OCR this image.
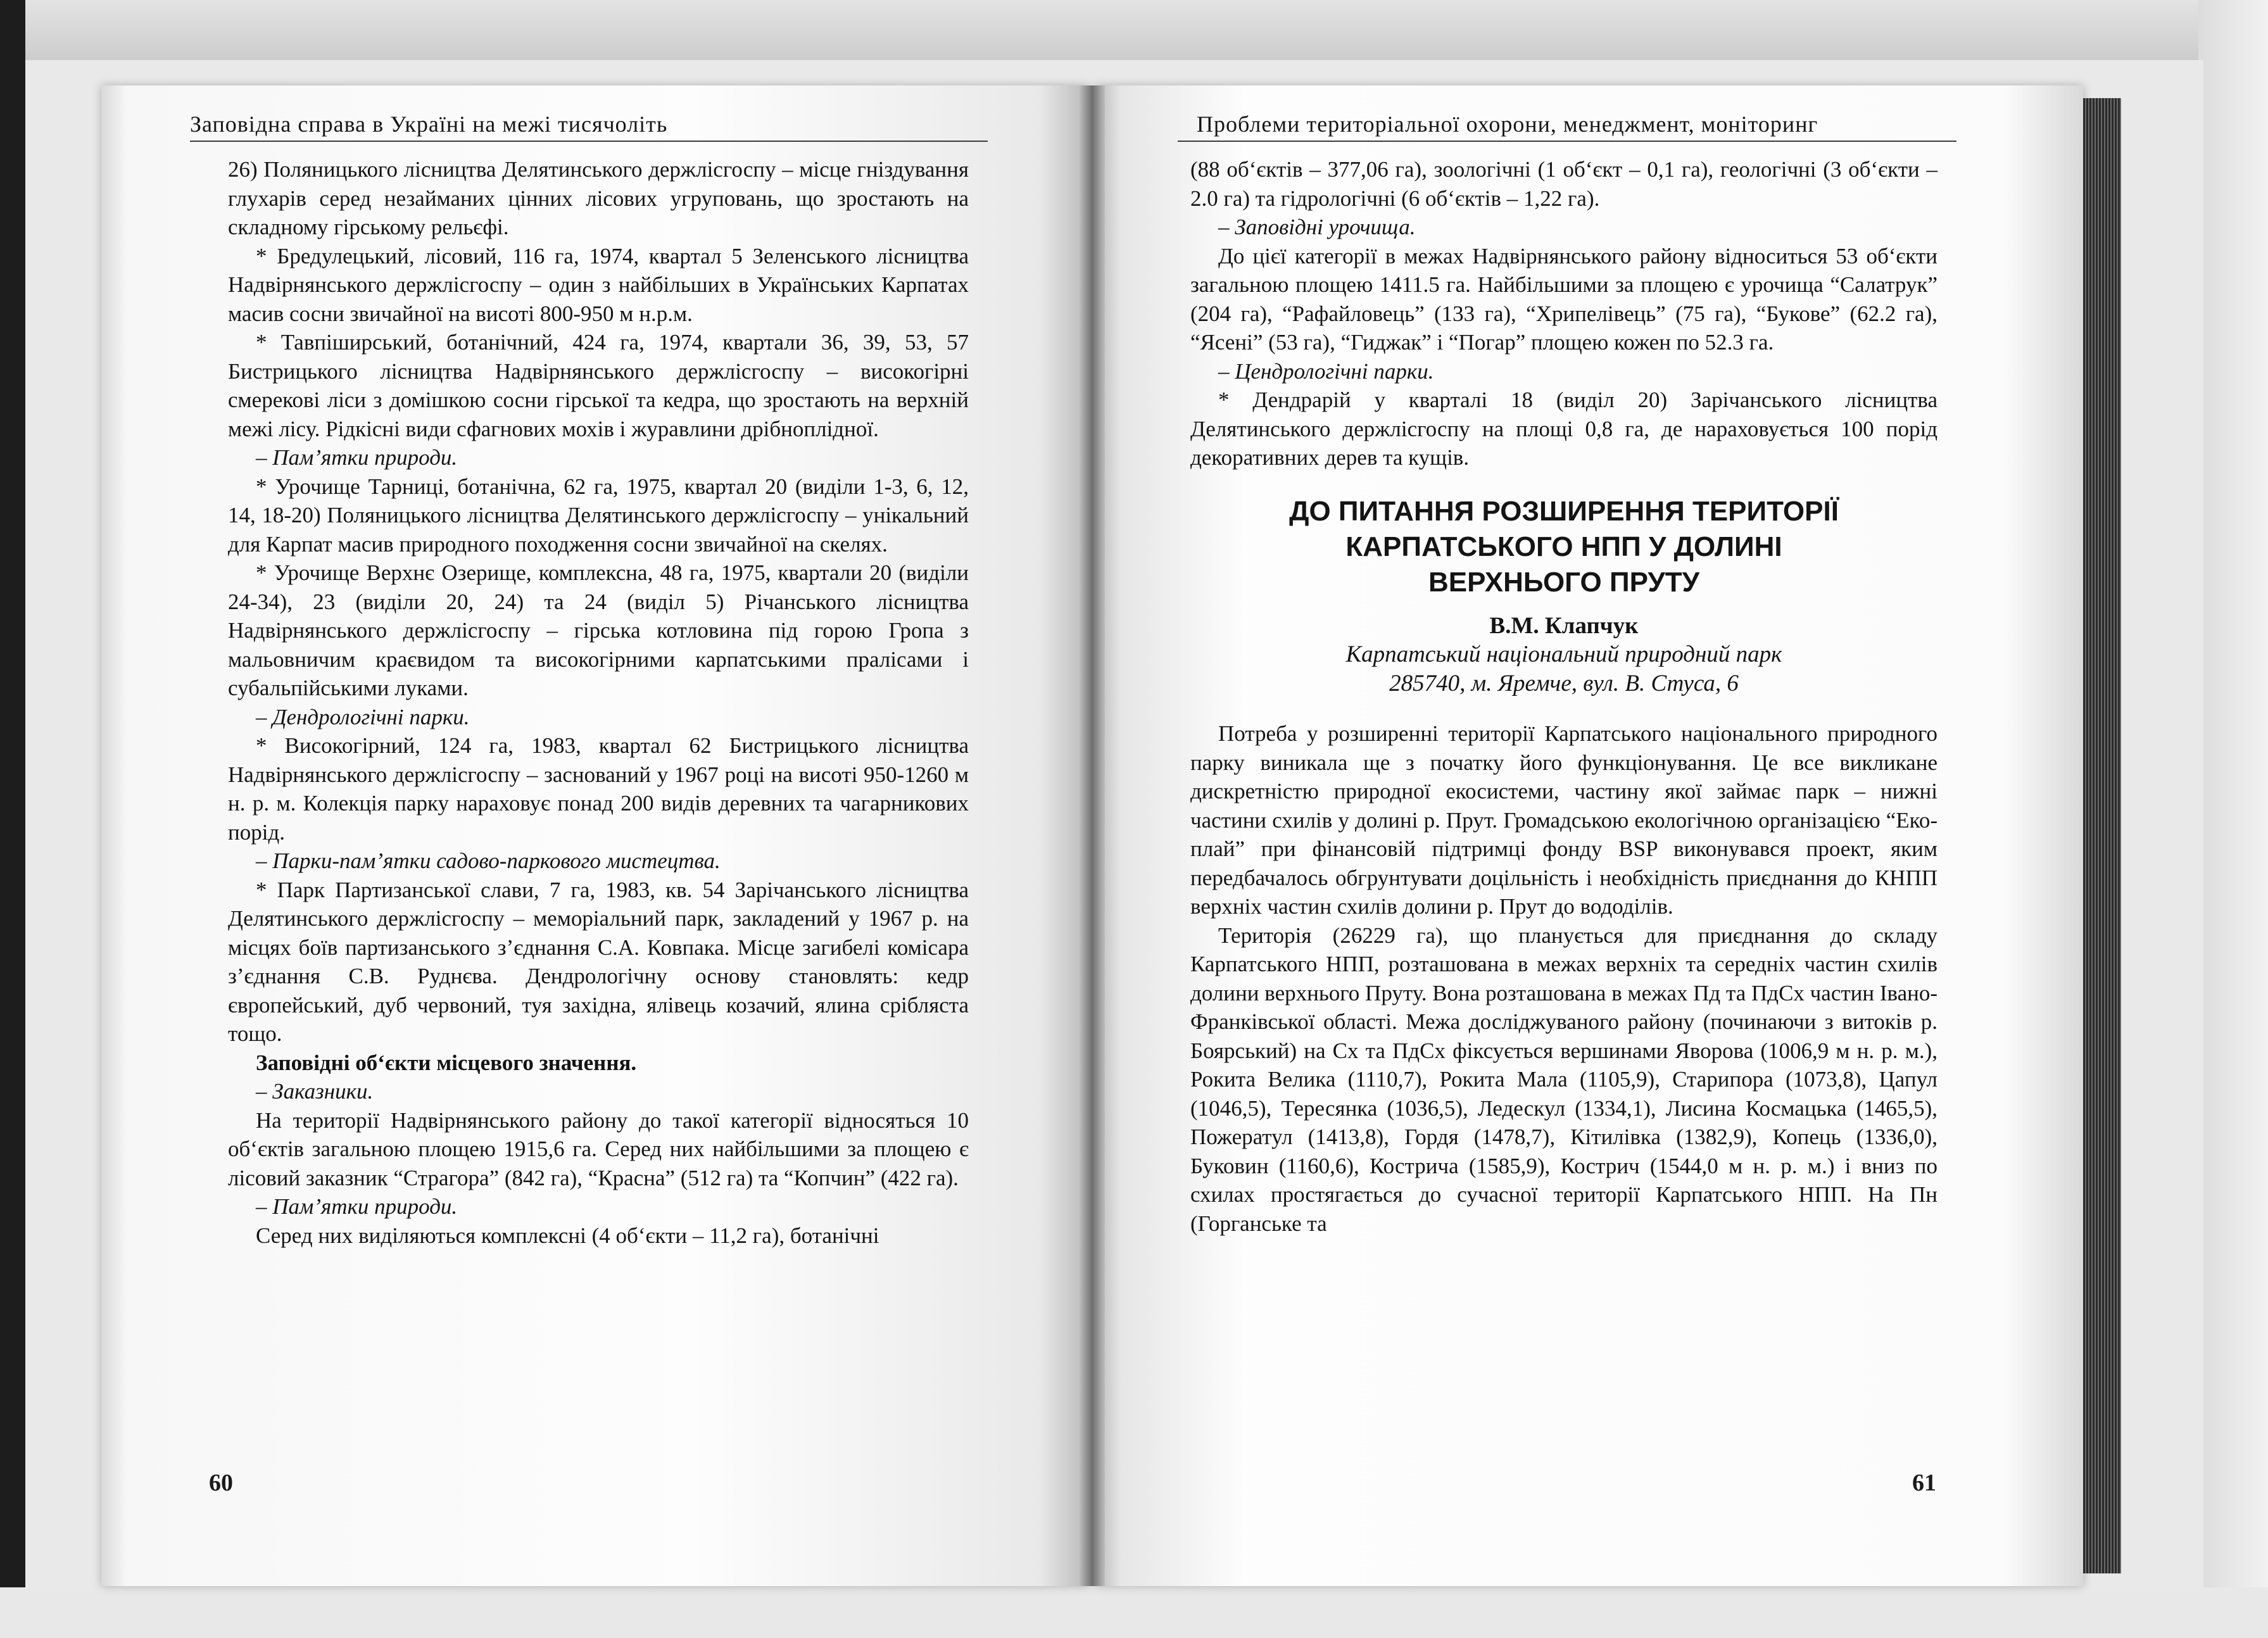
Заповідна справа в Україні на межі тисячоліть

26) Поляницького лісництва Делятинського держлісгоспу – місце гніздування глухарів серед незайманих цінних лісових угруповань, що зростають на складному гірському рельєфі.

* Бредулецький, лісовий, 116 га, 1974, квартал 5 Зеленського лісництва Надвірнянського держлісгоспу – один з найбільших в Українських Карпатах масив сосни звичайної на висоті 800-950 м н.р.м.

* Тавпіширський, ботанічний, 424 га, 1974, квартали 36, 39, 53, 57 Бистрицького лісництва Надвірнянського держлісгоспу – високогірні смерекові ліси з домішкою сосни гірської та кедра, що зростають на верхній межі лісу. Рідкісні види сфагнових мохів і журавлини дрібноплідної.

– Пам’ятки природи.

* Урочище Тарниці, ботанічна, 62 га, 1975, квартал 20 (виділи 1-3, 6, 12, 14, 18-20) Поляницького лісництва Делятинського держлісгоспу – унікальний для Карпат масив природного походження сосни звичайної на скелях.

* Урочище Верхнє Озерище, комплексна, 48 га, 1975, квартали 20 (виділи 24-34), 23 (виділи 20, 24) та 24 (виділ 5) Річанського лісництва Надвірнянського держлісгоспу – гірська котловина під горою Гропа з мальовничим краєвидом та високогірними карпатськими пралісами і субальпійськими луками.

– Дендрологічні парки.

* Високогірний, 124 га, 1983, квартал 62 Бистрицького лісництва Надвірнянського держлісгоспу – заснований у 1967 році на висоті 950-1260 м н. р. м. Колекція парку нараховує понад 200 видів деревних та чагарникових порід.

– Парки-пам’ятки садово-паркового мистецтва.

* Парк Партизанської слави, 7 га, 1983, кв. 54 Зарічанського лісництва Делятинського держлісгоспу – меморіальний парк, закладений у 1967 р. на місцях боїв партизанського з’єднання С.А. Ковпака. Місце загибелі комісара з’єднання С.В. Руднєва. Дендрологічну основу становлять: кедр європейський, дуб червоний, туя західна, ялівець козачий, ялина срібляста тощо.

Заповідні об‘єкти місцевого значення.

– Заказники.

На території Надвірнянського району до такої категорії відносяться 10 об‘єктів загальною площею 1915,6 га. Серед них найбільшими за площею є лісовий заказник “Страгора” (842 га), “Красна” (512 га) та “Копчин” (422 га).

– Пам’ятки природи.

Серед них виділяються комплексні (4 об‘єкти – 11,2 га), ботанічні

60
Проблеми територіальної охорони, менеджмент, моніторинг

(88 об‘єктів – 377,06 га), зоологічні (1 об‘єкт – 0,1 га), геологічні (3 об‘єкти – 2.0 га) та гідрологічні (6 об‘єктів – 1,22 га).

– Заповідні урочища.

До цієї категорії в межах Надвірнянського району відноситься 53 об‘єкти загальною площею 1411.5 га. Найбільшими за площею є урочища “Салатрук” (204 га), “Рафайловець” (133 га), “Хрипелівець” (75 га), “Букове” (62.2 га), “Ясені” (53 га), “Гиджак” і “Погар” площею кожен по 52.3 га.

– Цендрологічні парки.

* Дендрарій у кварталі 18 (виділ 20) Зарічанського лісництва Делятинського держлісгоспу на площі 0,8 га, де нараховується 100 порід декоративних дерев та кущів.

ДО ПИТАННЯ РОЗШИРЕННЯ ТЕРИТОРІЇ
КАРПАТСЬКОГО НПП У ДОЛИНІ
ВЕРХНЬОГО ПРУТУ

В.М. Клапчук

Карпатський національний природний парк

285740, м. Яремче, вул. В. Стуса, 6

Потреба у розширенні території Карпатського національного природного парку виникала ще з початку його функціонування. Це все викликане дискретністю природної екосистеми, частину якої займає парк – нижні частини схилів у долині р. Прут. Громадською екологічною організацією “Еко-плай” при фінансовій підтримці фонду BSP виконувався проект, яким передбачалось обгрунтувати доцільність і необхідність приєднання до КНПП верхніх частин схилів долини р. Прут до вододілів.

Територія (26229 га), що планується для приєднання до складу Карпатського НПП, розташована в межах верхніх та середніх частин схилів долини верхнього Пруту. Вона розташована в межах Пд та ПдСх частин Івано-Франківської області. Межа досліджуваного району (починаючи з витоків р. Боярський) на Сх та ПдСх фіксується вершинами Яворова (1006,9 м н. р. м.), Рокита Велика (1110,7), Рокита Мала (1105,9), Старипора (1073,8), Цапул (1046,5), Тересянка (1036,5), Ледескул (1334,1), Лисина Космацька (1465,5), Пожератул (1413,8), Гордя (1478,7), Кітилівка (1382,9), Копець (1336,0), Буковин (1160,6), Кострича (1585,9), Кострич (1544,0 м н. р. м.) і вниз по схилах простягається до сучасної території Карпатського НПП. На Пн (Горганське та

61
